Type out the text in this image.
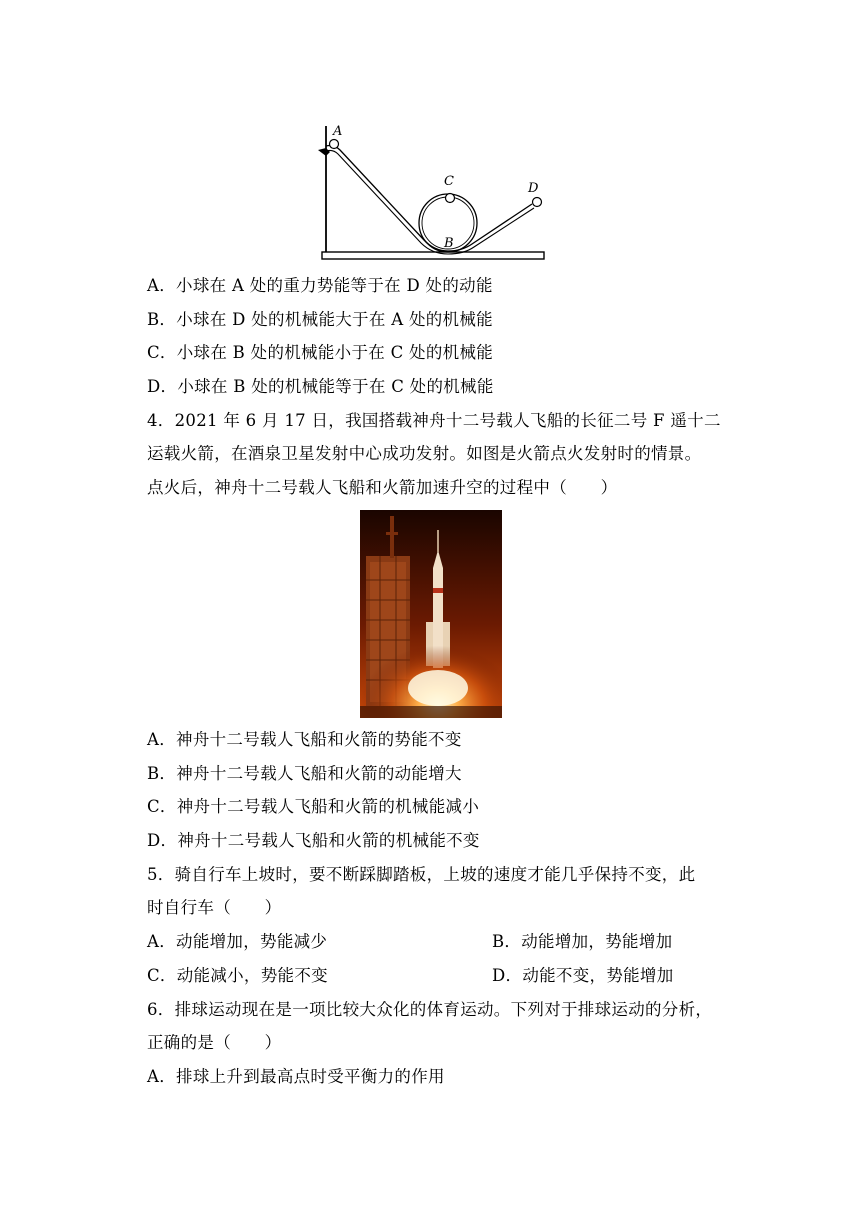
A
C	D
B
A．小球在 A 处的重力势能等于在 D 处的动能
B．小球在 D 处的机械能大于在 A 处的机械能
C．小球在 B 处的机械能小于在 C 处的机械能
D．小球在 B 处的机械能等于在 C 处的机械能
4．2021 年 6 月 17 日，我国搭载神舟十二号载人飞船的长征二号 F 遥十二
运载火箭，在酒泉卫星发射中心成功发射。如图是火箭点火发射时的情景。
点火后，神舟十二号载人飞船和火箭加速升空的过程中（　　）
A．神舟十二号载人飞船和火箭的势能不变
B．神舟十二号载人飞船和火箭的动能增大
C．神舟十二号载人飞船和火箭的机械能减小
D．神舟十二号载人飞船和火箭的机械能不变
5．骑自行车上坡时，要不断踩脚踏板，上坡的速度才能几乎保持不变，此
时自行车（　　）
A．动能增加，势能减少	B．动能增加，势能增加
C．动能减小，势能不变	D．动能不变，势能增加
6．排球运动现在是一项比较大众化的体育运动。下列对于排球运动的分析，
正确的是（　　）
A．排球上升到最高点时受平衡力的作用
